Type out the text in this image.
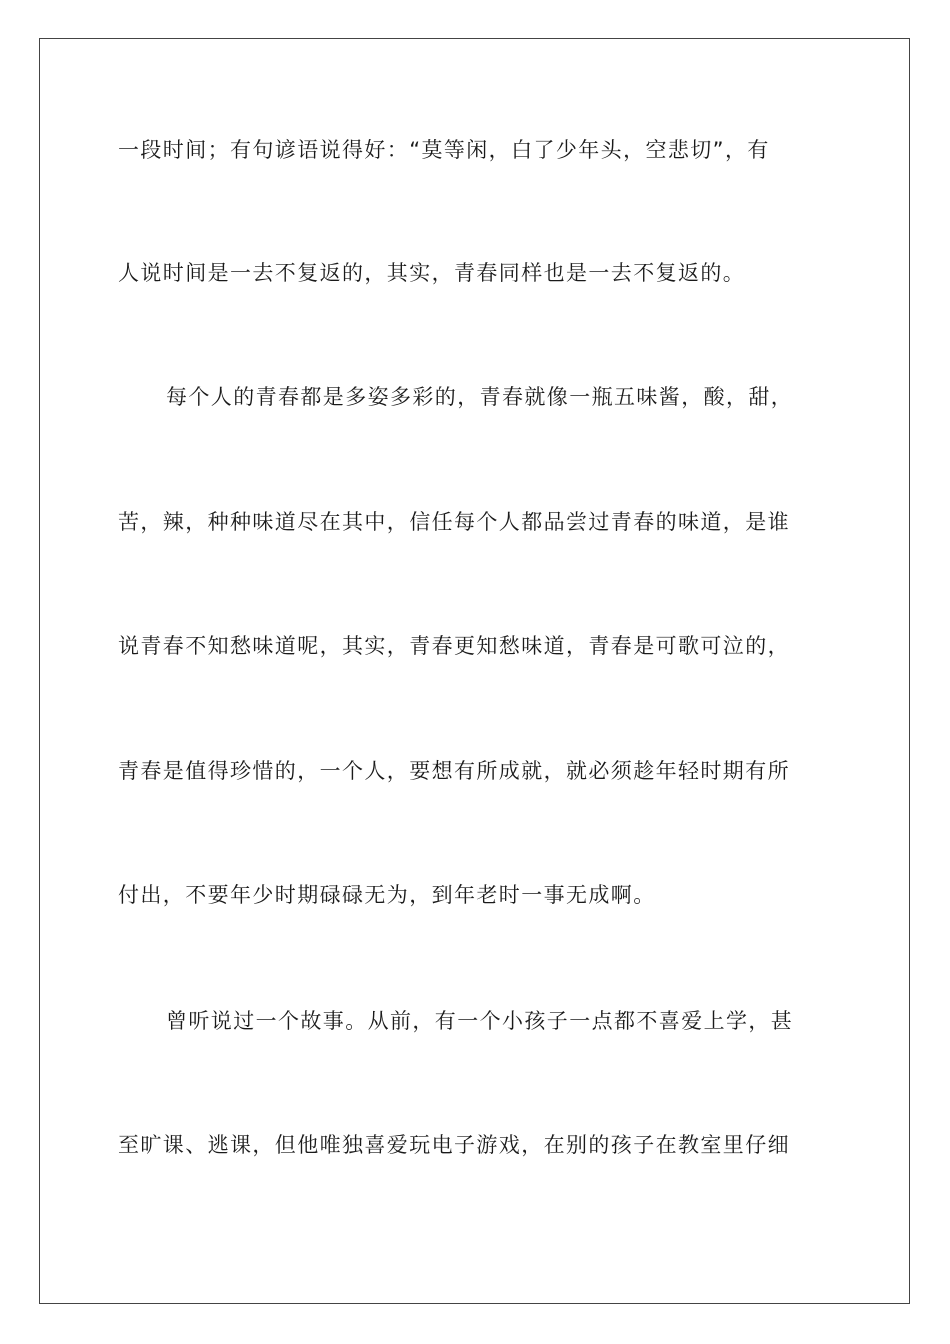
一段时间；有句谚语说得好：“莫等闲，白了少年头，空悲切”，有
人说时间是一去不复返的，其实，青春同样也是一去不复返的。
每个人的青春都是多姿多彩的，青春就像一瓶五味酱，酸，甜，
苦，辣，种种味道尽在其中，信任每个人都品尝过青春的味道，是谁
说青春不知愁味道呢，其实，青春更知愁味道，青春是可歌可泣的，
青春是值得珍惜的，一个人，要想有所成就，就必须趁年轻时期有所
付出，不要年少时期碌碌无为，到年老时一事无成啊。
曾听说过一个故事。从前，有一个小孩子一点都不喜爱上学，甚
至旷课、逃课，但他唯独喜爱玩电子游戏，在别的孩子在教室里仔细
